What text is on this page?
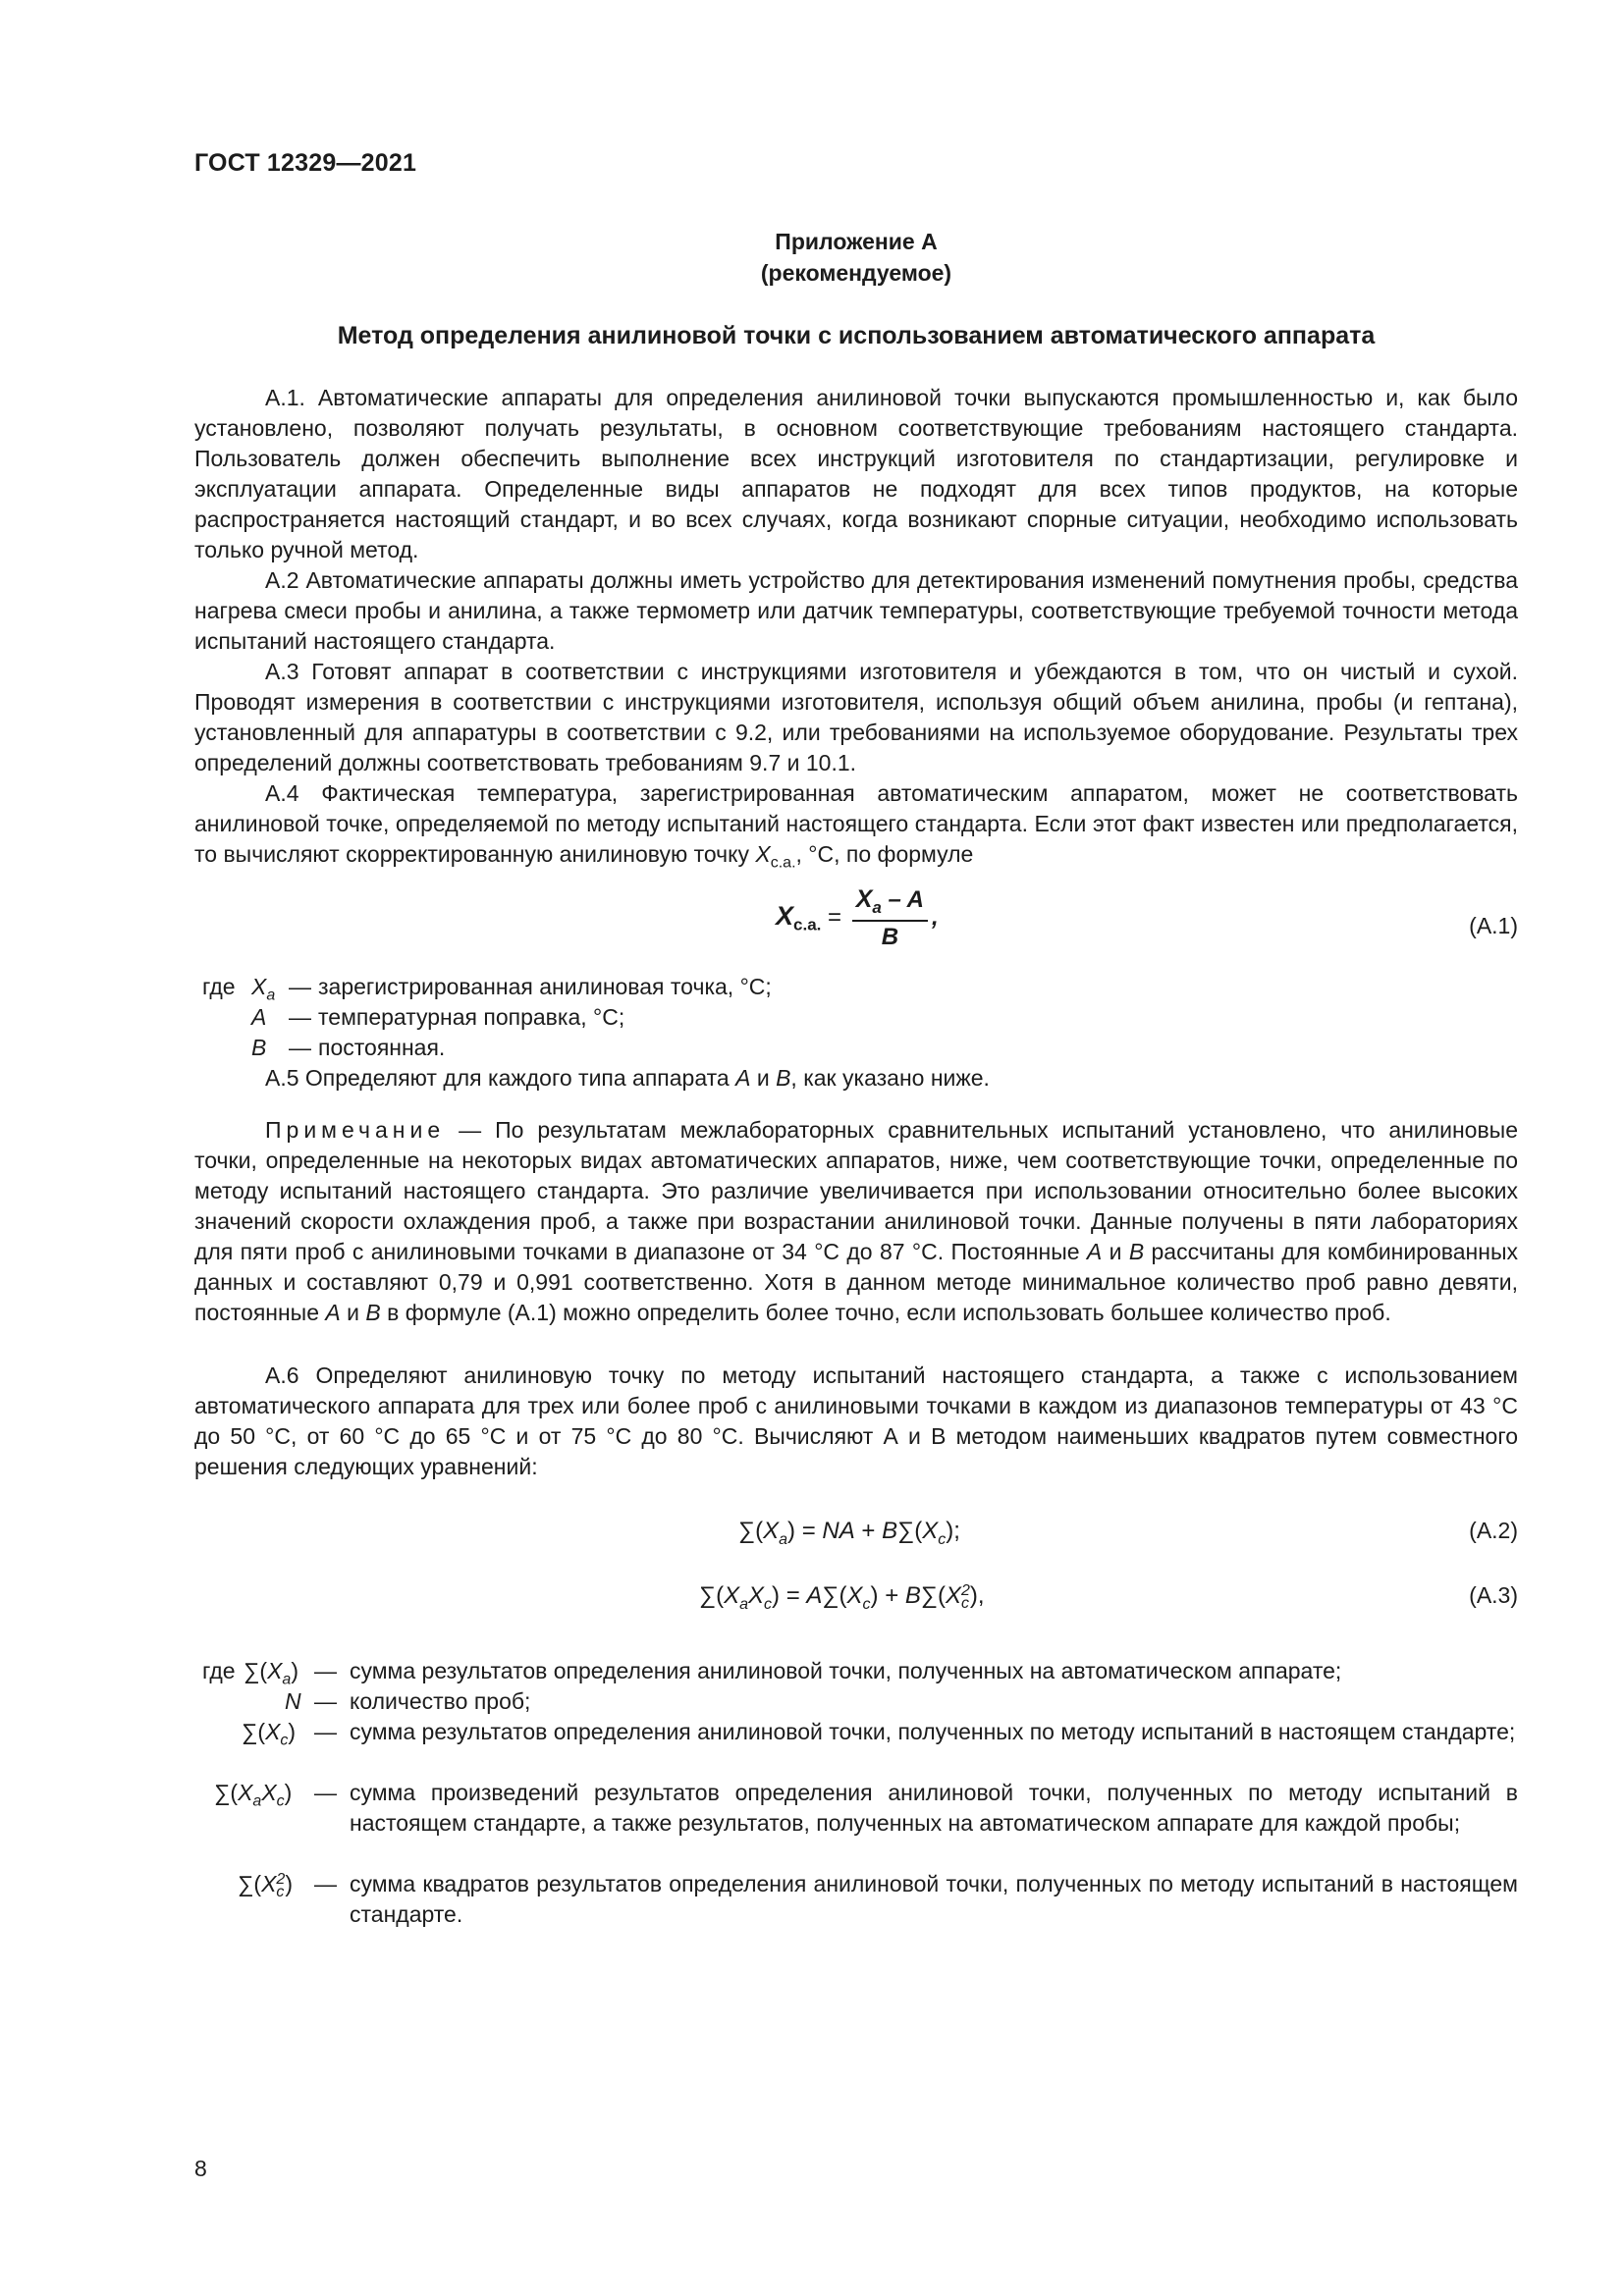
ГОСТ 12329—2021
Приложение А
(рекомендуемое)
Метод определения анилиновой точки с использованием автоматического аппарата

А.1. Автоматические аппараты для определения анилиновой точки выпускаются промышленностью и, как было установлено, позволяют получать результаты, в основном соответствующие требованиям настоящего стандарта. Пользователь должен обеспечить выполнение всех инструкций изготовителя по стандартизации, регулировке и эксплуатации аппарата. Определенные виды аппаратов не подходят для всех типов продуктов, на которые распространяется настоящий стандарт, и во всех случаях, когда возникают спорные ситуации, необходимо использовать только ручной метод.

А.2 Автоматические аппараты должны иметь устройство для детектирования изменений помутнения пробы, средства нагрева смеси пробы и анилина, а также термометр или датчик температуры, соответствующие требуемой точности метода испытаний настоящего стандарта.

А.3 Готовят аппарат в соответствии с инструкциями изготовителя и убеждаются в том, что он чистый и сухой. Проводят измерения в соответствии с инструкциями изготовителя, используя общий объем анилина, пробы (и гептана), установленный для аппаратуры в соответствии с 9.2, или требованиями на используемое оборудование. Результаты трех определений должны соответствовать требованиям 9.7 и 10.1.

А.4 Фактическая температура, зарегистрированная автоматическим аппаратом, может не соответствовать анилиновой точке, определяемой по методу испытаний настоящего стандарта. Если этот факт известен или предполагается, то вычисляют скорректированную анилиновую точку $X_{c.a.}$, °С, по формуле

$X_{c.a.} = \frac{X_a - A}{B}$ ,	(А.1)
где $X_a$ — зарегистрированная анилиновая точка, °С;
A — температурная поправка, °С;
B — постоянная.

А.5 Определяют для каждого типа аппарата А и В, как указано ниже.

Примечание — По результатам межлабораторных сравнительных испытаний установлено, что анилиновые точки, определенные на некоторых видах автоматических аппаратов, ниже, чем соответствующие точки, определенные по методу испытаний настоящего стандарта. Это различие увеличивается при использовании относительно более высоких значений скорости охлаждения проб, а также при возрастании анилиновой точки. Данные получены в пяти лабораториях для пяти проб с анилиновыми точками в диапазоне от 34 °С до 87 °С. Постоянные А и В рассчитаны для комбинированных данных и составляют 0,79 и 0,991 соответственно. Хотя в данном методе минимальное количество проб равно девяти, постоянные А и В в формуле (А.1) можно определить более точно, если использовать большее количество проб.

А.6 Определяют анилиновую точку по методу испытаний настоящего стандарта, а также с использованием автоматического аппарата для трех или более проб с анилиновыми точками в каждом из диапазонов температуры от 43 °С до 50 °С, от 60 °С до 65 °С и от 75 °С до 80 °С. Вычисляют А и В методом наименьших квадратов путем совместного решения следующих уравнений:

$\sum(X_a)$ = NA + $B\sum(X_c)$;	(А.2)
$\sum(X_aX_c) = A\sum(X_c) + B\sum(X$ 2
c ),	(А.3)
где $\sum(X_a)$ — сумма результатов определения анилиновой точки, полученных на автоматическом аппарате;
N — количество проб;
$\sum(X_c)$ — сумма результатов определения анилиновой точки, полученных по методу испытаний в настоящем стандарте;
$\sum(X_aX_c)$ — сумма произведений результатов определения анилиновой точки, полученных по методу испытаний в настоящем стандарте, а также результатов, полученных на автоматическом аппарате для каждой пробы;
∑(X 2
c ) — сумма квадратов результатов определения анилиновой точки, полученных по методу испытаний в настоящем стандарте.
8
